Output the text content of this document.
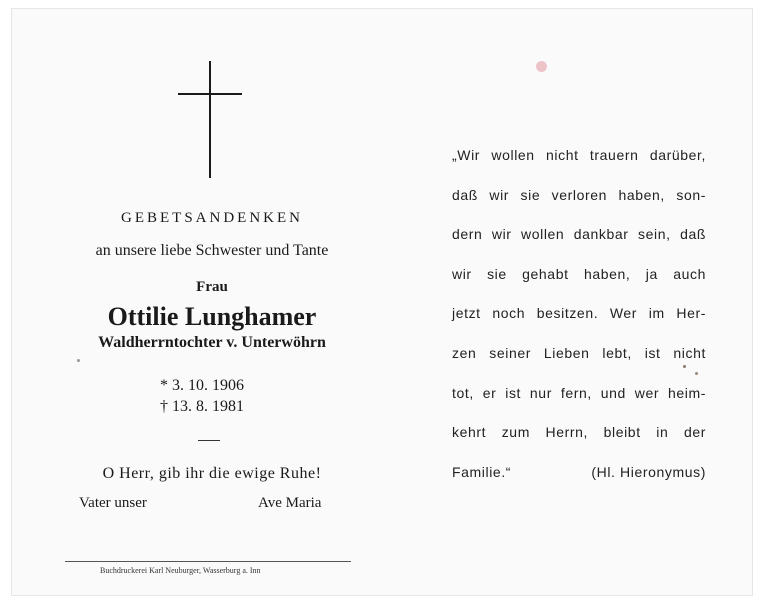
GEBETSANDENKEN
an unsere liebe Schwester und Tante
Frau
Ottilie Lunghamer
Waldherrntochter v. Unterwöhrn
* 3. 10. 1906
† 13. 8. 1981
O Herr, gib ihr die ewige Ruhe!
Vater unser	Ave Maria
Buchdruckerei Karl Neuburger, Wasserburg a. Inn
„Wir wollen nicht trauern darüber,
daß wir sie verloren haben, son-
dern wir wollen dankbar sein, daß
wir sie gehabt haben, ja auch
jetzt noch besitzen. Wer im Her-
zen seiner Lieben lebt, ist nicht
tot, er ist nur fern, und wer heim-
kehrt zum Herrn, bleibt in der
Familie.“	(Hl. Hieronymus)
